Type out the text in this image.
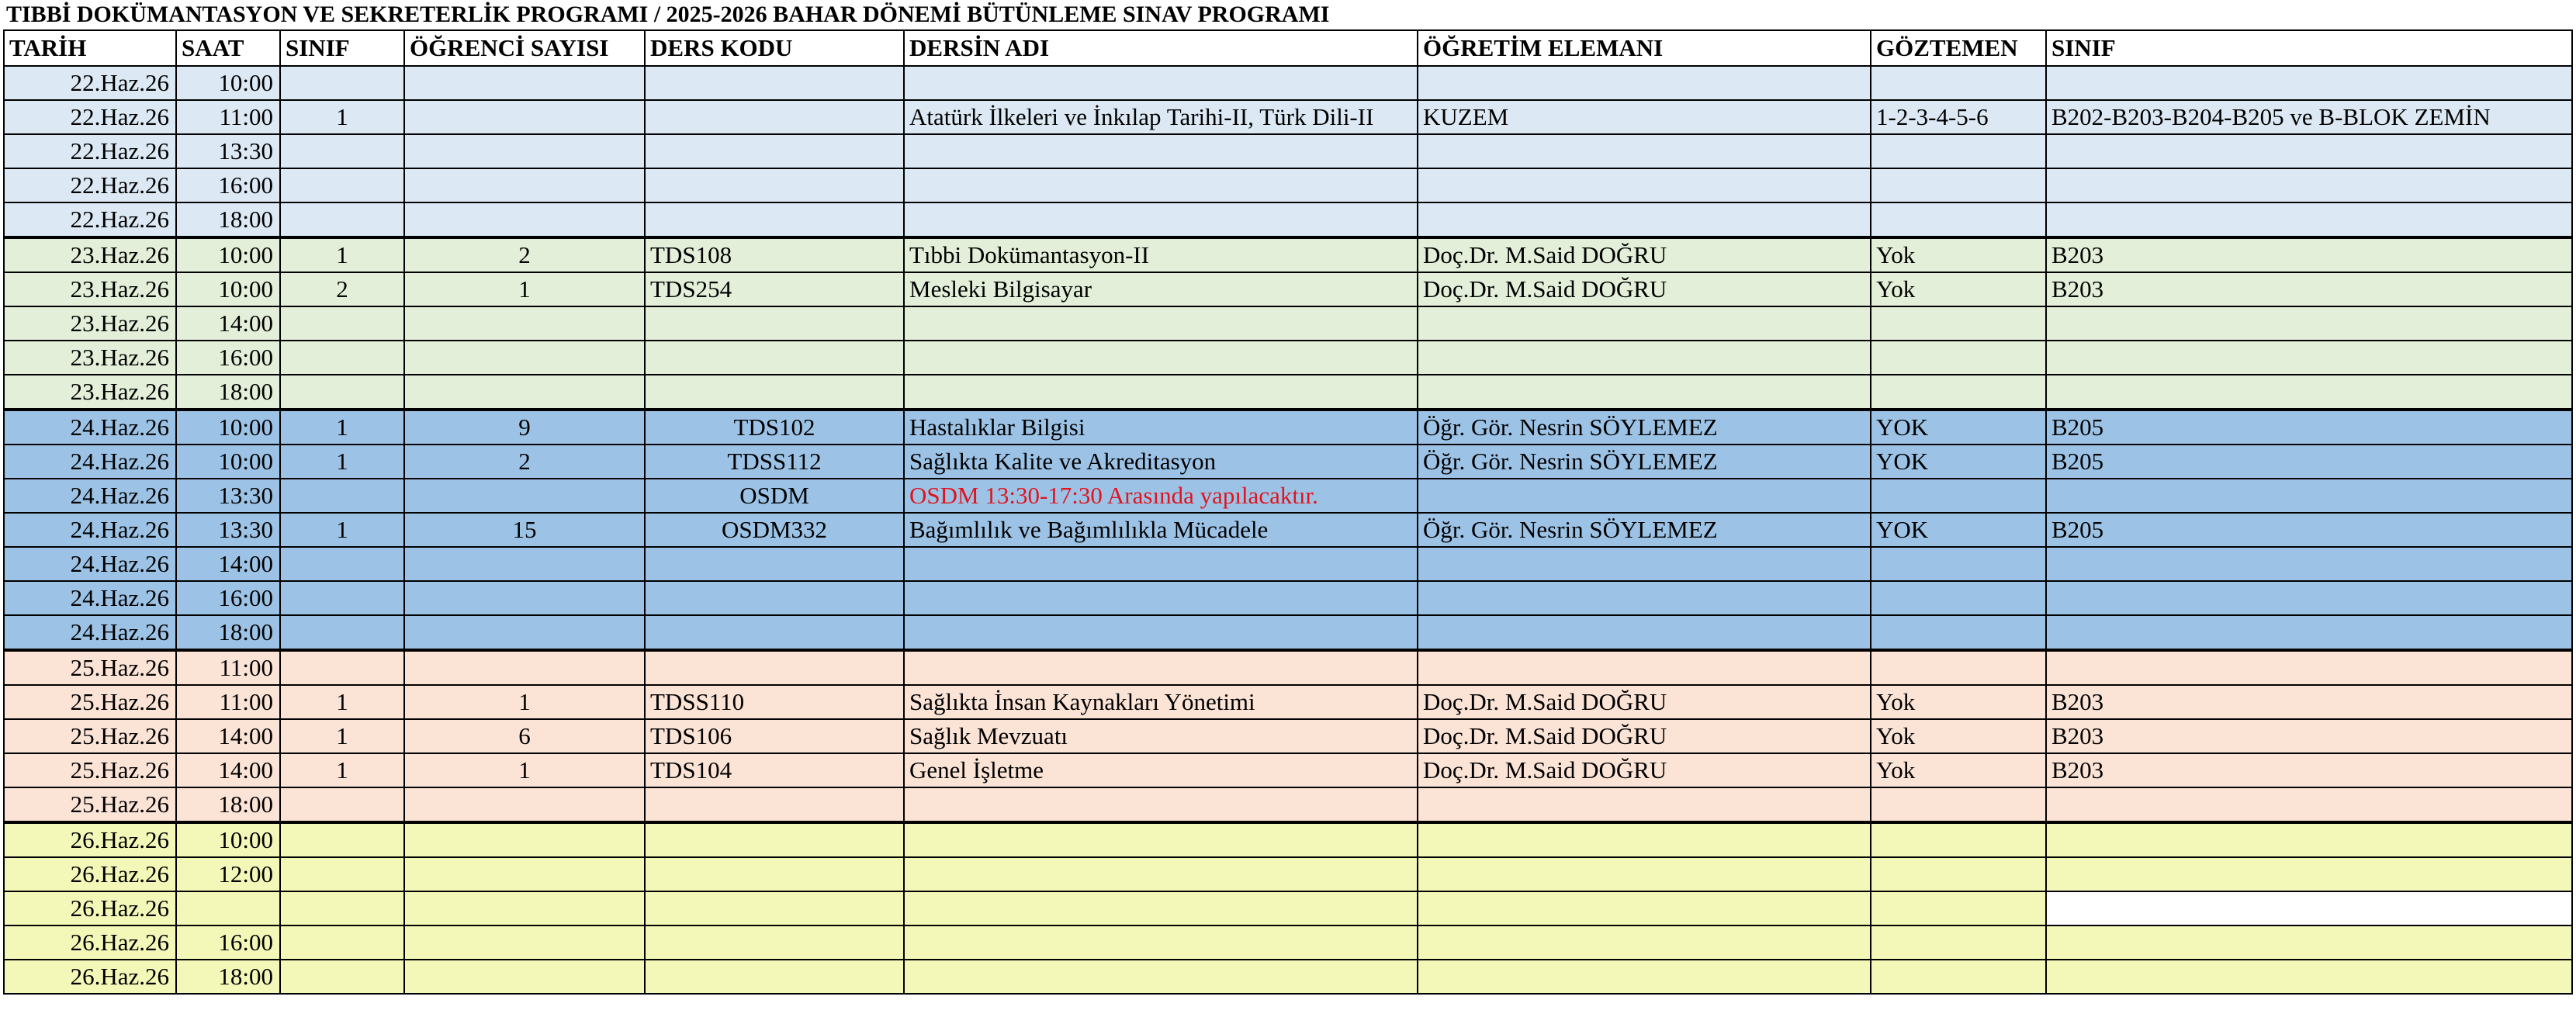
TIBBİ DOKÜMANTASYON VE SEKRETERLİK PROGRAMI / 2025-2026 BAHAR DÖNEMİ BÜTÜNLEME SINAV PROGRAMI
TARİH	SAAT	SINIF	ÖĞRENCİ SAYISI	DERS KODU	DERSİN ADI	ÖĞRETİM ELEMANI	GÖZTEMEN	SINIF
22.Haz.26	10:00							
22.Haz.26	11:00	1			Atatürk İlkeleri ve İnkılap Tarihi-II, Türk Dili-II	KUZEM	1-2-3-4-5-6	B202-B203-B204-B205 ve B-BLOK ZEMİN
22.Haz.26	13:30							
22.Haz.26	16:00							
22.Haz.26	18:00							
23.Haz.26	10:00	1	2	TDS108	Tıbbi Dokümantasyon-II	Doç.Dr. M.Said DOĞRU	Yok	B203
23.Haz.26	10:00	2	1	TDS254	Mesleki Bilgisayar	Doç.Dr. M.Said DOĞRU	Yok	B203
23.Haz.26	14:00							
23.Haz.26	16:00							
23.Haz.26	18:00							
24.Haz.26	10:00	1	9	TDS102	Hastalıklar Bilgisi	Öğr. Gör. Nesrin SÖYLEMEZ	YOK	B205
24.Haz.26	10:00	1	2	TDSS112	Sağlıkta Kalite ve Akreditasyon	Öğr. Gör. Nesrin SÖYLEMEZ	YOK	B205
24.Haz.26	13:30			OSDM	OSDM 13:30-17:30 Arasında yapılacaktır.			
24.Haz.26	13:30	1	15	OSDM332	Bağımlılık ve Bağımlılıkla Mücadele	Öğr. Gör. Nesrin SÖYLEMEZ	YOK	B205
24.Haz.26	14:00							
24.Haz.26	16:00							
24.Haz.26	18:00							
25.Haz.26	11:00							
25.Haz.26	11:00	1	1	TDSS110	Sağlıkta İnsan Kaynakları Yönetimi	Doç.Dr. M.Said DOĞRU	Yok	B203
25.Haz.26	14:00	1	6	TDS106	Sağlık Mevzuatı	Doç.Dr. M.Said DOĞRU	Yok	B203
25.Haz.26	14:00	1	1	TDS104	Genel İşletme	Doç.Dr. M.Said DOĞRU	Yok	B203
25.Haz.26	18:00							
26.Haz.26	10:00							
26.Haz.26	12:00							
26.Haz.26								
26.Haz.26	16:00							
26.Haz.26	18:00							
